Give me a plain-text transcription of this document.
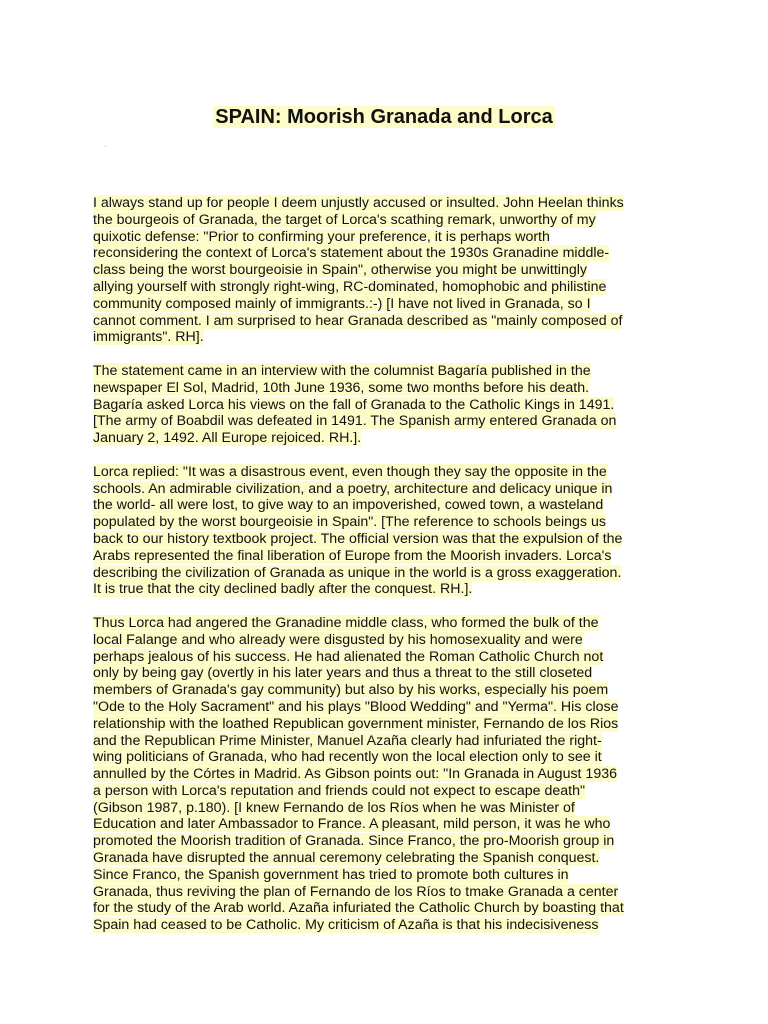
SPAIN: Moorish Granada and Lorca
I always stand up for people I deem unjustly accused or insulted. John Heelan thinks
the bourgeois of Granada, the target of Lorca's scathing remark, unworthy of my
quixotic defense: "Prior to confirming your preference, it is perhaps worth
reconsidering the context of Lorca's statement about the 1930s Granadine middle-
class being the worst bourgeoisie in Spain", otherwise you might be unwittingly
allying yourself with strongly right-wing, RC-dominated, homophobic and philistine
community composed mainly of immigrants.:-) [I have not lived in Granada, so I
cannot comment. I am surprised to hear Granada described as "mainly composed of
immigrants". RH].
The statement came in an interview with the columnist Bagaría published in the
newspaper El Sol, Madrid, 10th June 1936, some two months before his death.
Bagaría asked Lorca his views on the fall of Granada to the Catholic Kings in 1491.
[The army of Boabdil was defeated in 1491. The Spanish army entered Granada on
January 2, 1492. All Europe rejoiced. RH.].
Lorca replied: "It was a disastrous event, even though they say the opposite in the
schools. An admirable civilization, and a poetry, architecture and delicacy unique in
the world- all were lost, to give way to an impoverished, cowed town, a wasteland
populated by the worst bourgeoisie in Spain". [The reference to schools beings us
back to our history textbook project. The official version was that the expulsion of the
Arabs represented the final liberation of Europe from the Moorish invaders. Lorca's
describing the civilization of Granada as unique in the world is a gross exaggeration.
It is true that the city declined badly after the conquest. RH.].
Thus Lorca had angered the Granadine middle class, who formed the bulk of the
local Falange and who already were disgusted by his homosexuality and were
perhaps jealous of his success. He had alienated the Roman Catholic Church not
only by being gay (overtly in his later years and thus a threat to the still closeted
members of Granada's gay community) but also by his works, especially his poem
"Ode to the Holy Sacrament" and his plays "Blood Wedding" and "Yerma". His close
relationship with the loathed Republican government minister, Fernando de los Rios
and the Republican Prime Minister, Manuel Azaña clearly had infuriated the right-
wing politicians of Granada, who had recently won the local election only to see it
annulled by the Córtes in Madrid. As Gibson points out: "In Granada in August 1936
a person with Lorca's reputation and friends could not expect to escape death"
(Gibson 1987, p.180). [I knew Fernando de los Ríos when he was Minister of
Education and later Ambassador to France. A pleasant, mild person, it was he who
promoted the Moorish tradition of Granada. Since Franco, the pro-Moorish group in
Granada have disrupted the annual ceremony celebrating the Spanish conquest.
Since Franco, the Spanish government has tried to promote both cultures in
Granada, thus reviving the plan of Fernando de los Ríos to tmake Granada a center
for the study of the Arab world. Azaña infuriated the Catholic Church by boasting that
Spain had ceased to be Catholic. My criticism of Azaña is that his indecisiveness
